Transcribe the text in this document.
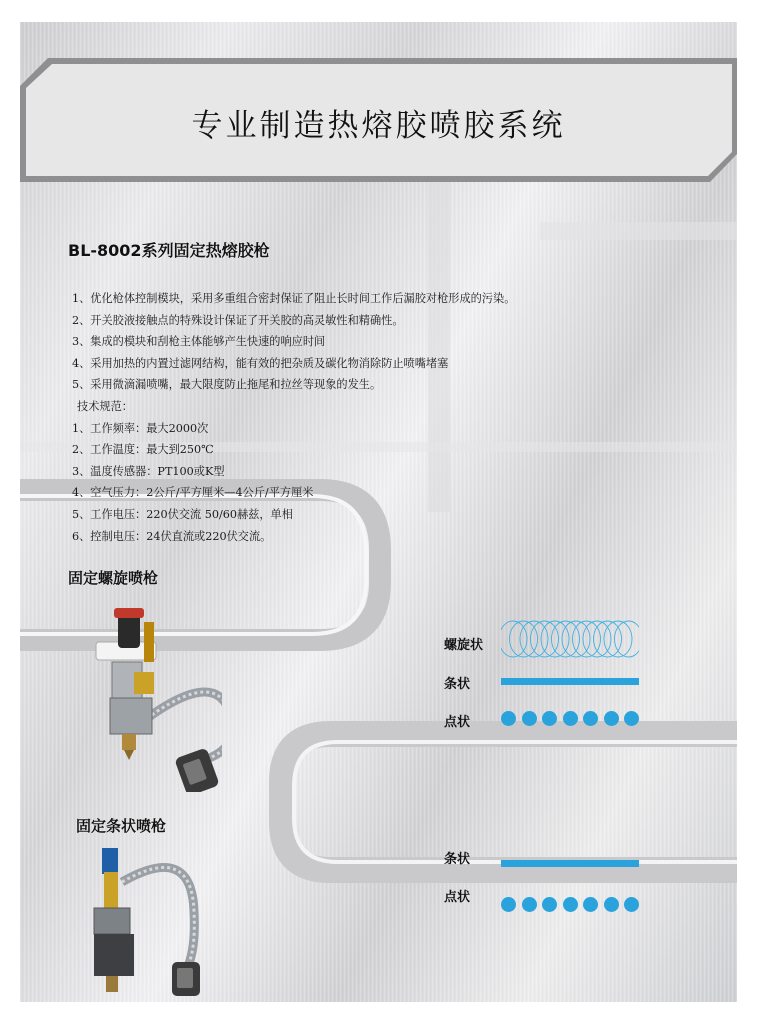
专业制造热熔胶喷胶系统
BL-8002系列固定热熔胶枪
1、优化枪体控制模块，采用多重组合密封保证了阻止长时间工作后漏胶对枪形成的污染。
2、开关胶液接触点的特殊设计保证了开关胶的高灵敏性和精确性。
3、集成的模块和刮枪主体能够产生快速的响应时间
4、采用加热的内置过滤网结构，能有效的把杂质及碳化物消除防止喷嘴堵塞
5、采用微滴漏喷嘴，最大限度防止拖尾和拉丝等现象的发生。
技术规范：
1、工作频率：最大2000次
2、工作温度：最大到250℃
3、温度传感器：PT100或K型
4、空气压力：2公斤/平方厘米—4公斤/平方厘米
5、工作电压：220伏交流 50/60赫兹，单相
6、控制电压：24伏直流或220伏交流。
固定螺旋喷枪
螺旋状
条状
点状
固定条状喷枪
条状
点状
